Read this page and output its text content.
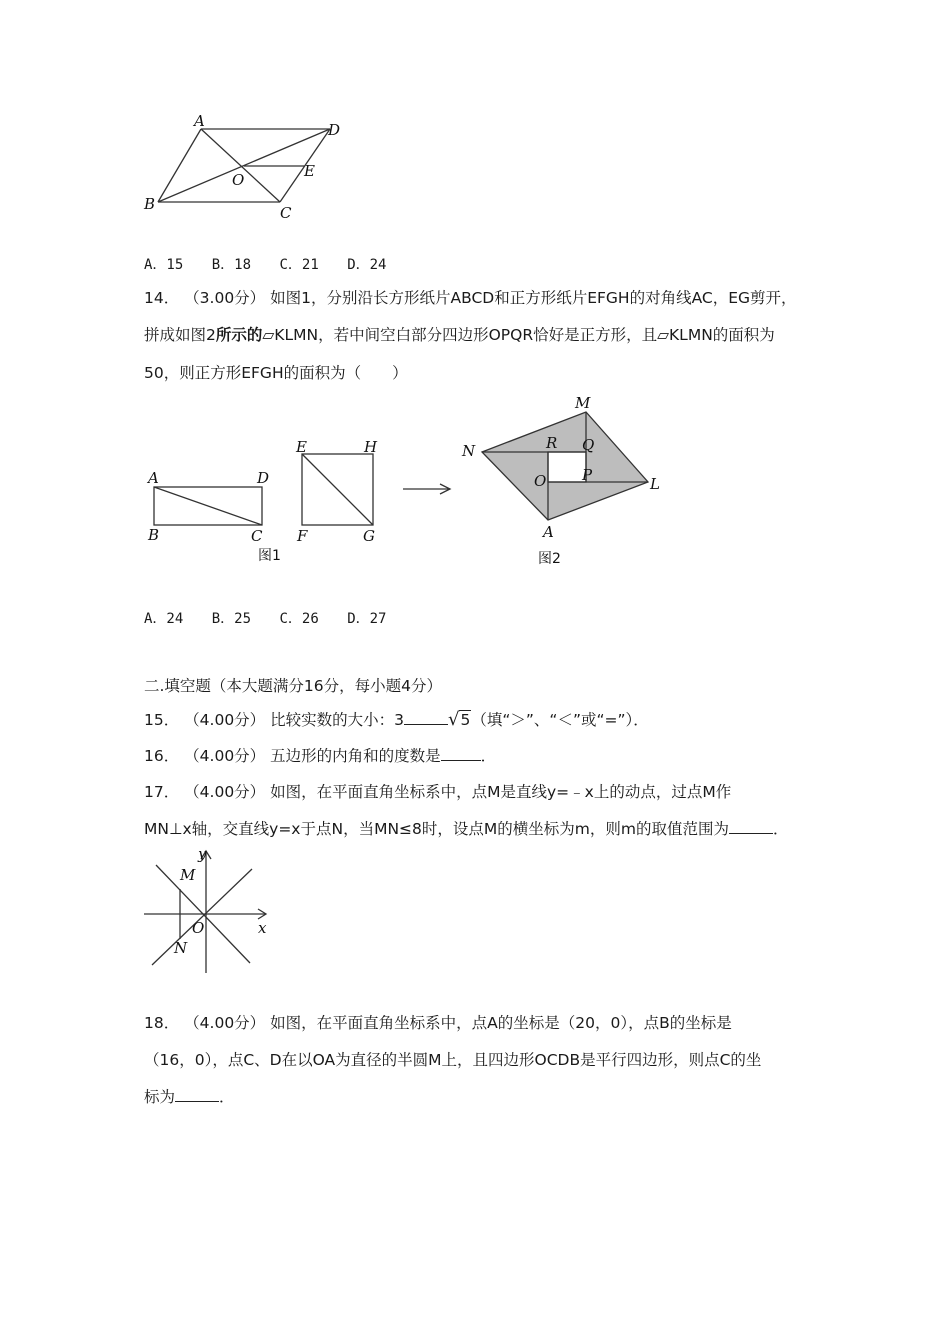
A	D
B	C
E
O
A．15 B．18 C．21 D．24
14． （3.00分） 如图1，分别沿长方形纸片ABCD和正方形纸片EFGH的对角线AC，EG剪开，
拼成如图2所示的▱KLMN，若中间空白部分四边形OPQR恰好是正方形，且▱KLMN的面积为
50，则正方形EFGH的面积为（　　）
A	D
B	C
E	H
F	G
图1
M
N
L
A
R Q
O P
图2
A．24 B．25 C．26 D．27
二.填空题（本大题满分16分，每小题4分）
15． （4.00分） 比较实数的大小：3 √5（填“＞”、“＜”或“=”）．
16． （4.00分） 五边形的内角和的度数是	．
17． （4.00分） 如图，在平面直角坐标系中，点M是直线y=﹣x上的动点，过点M作
MN⊥x轴，交直线y=x于点N，当MN≤8时，设点M的横坐标为m，则m的取值范围为	．
y
x
M
N
O
18． （4.00分） 如图，在平面直角坐标系中，点A的坐标是（20，0），点B的坐标是
（16，0），点C、D在以OA为直径的半圆M上，且四边形OCDB是平行四边形，则点C的坐
标为	．
